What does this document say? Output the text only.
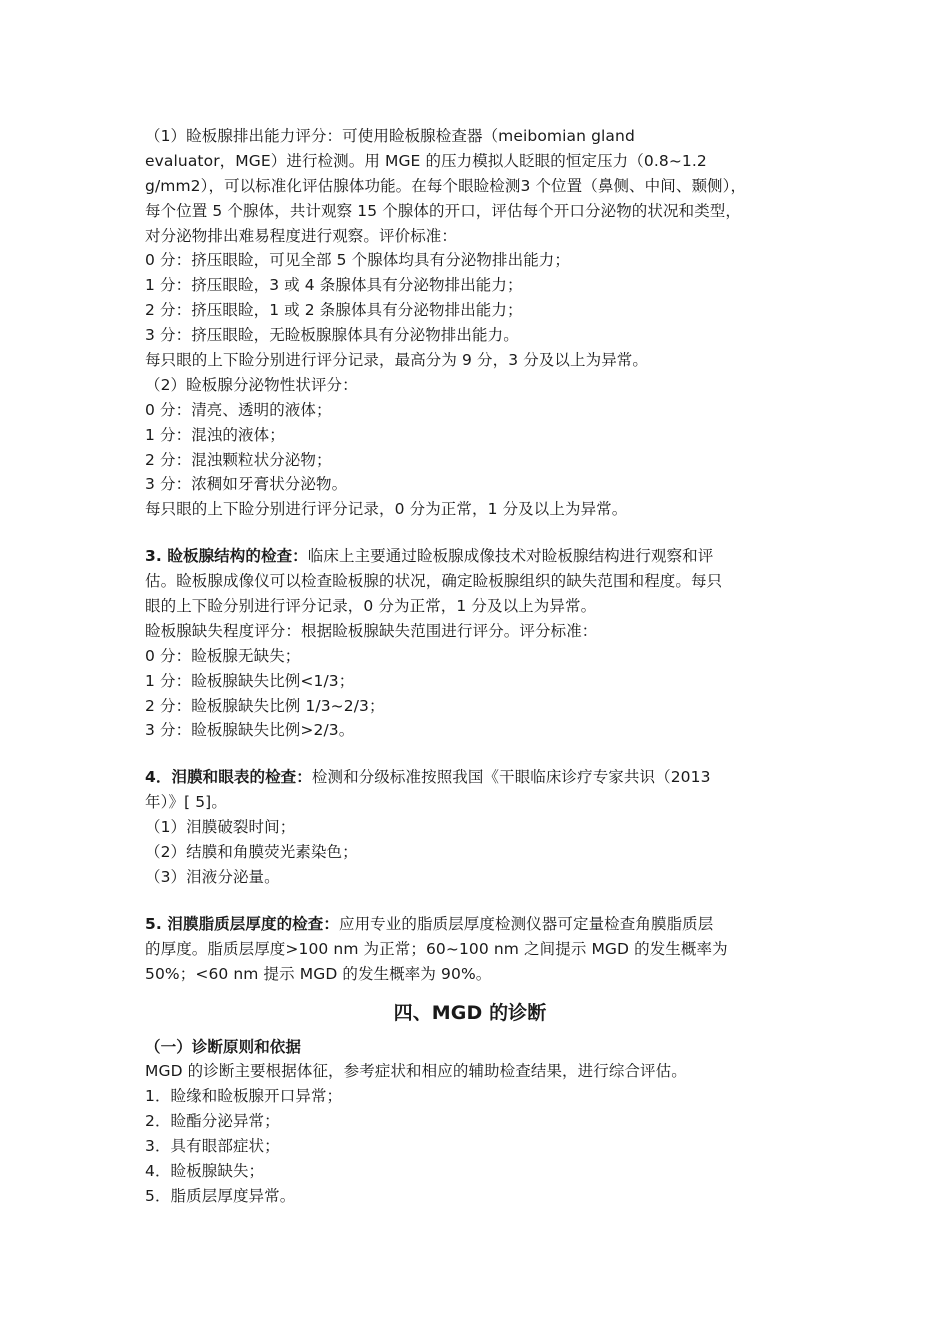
（1）睑板腺排出能力评分：可使用睑板腺检查器（meibomian gland
evaluator，MGE）进行检测。用 MGE 的压力模拟人眨眼的恒定压力（0.8~1.2
g/mm2），可以标准化评估腺体功能。在每个眼睑检测3 个位置（鼻侧、中间、颞侧），
每个位置 5 个腺体，共计观察 15 个腺体的开口，评估每个开口分泌物的状况和类型，
对分泌物排出难易程度进行观察。评价标准：
0 分：挤压眼睑，可见全部 5 个腺体均具有分泌物排出能力；
1 分：挤压眼睑，3 或 4 条腺体具有分泌物排出能力；
2 分：挤压眼睑，1 或 2 条腺体具有分泌物排出能力；
3 分：挤压眼睑，无睑板腺腺体具有分泌物排出能力。
每只眼的上下睑分别进行评分记录，最高分为 9 分，3 分及以上为异常。
（2）睑板腺分泌物性状评分：
0 分：清亮、透明的液体；
1 分：混浊的液体；
2 分：混浊颗粒状分泌物；
3 分：浓稠如牙膏状分泌物。
每只眼的上下睑分别进行评分记录，0 分为正常，1 分及以上为异常。
3. 睑板腺结构的检查：临床上主要通过睑板腺成像技术对睑板腺结构进行观察和评
估。睑板腺成像仪可以检查睑板腺的状况，确定睑板腺组织的缺失范围和程度。每只
眼的上下睑分别进行评分记录，0 分为正常，1 分及以上为异常。
睑板腺缺失程度评分：根据睑板腺缺失范围进行评分。评分标准：
0 分：睑板腺无缺失；
1 分：睑板腺缺失比例<1/3；
2 分：睑板腺缺失比例 1/3~2/3；
3 分：睑板腺缺失比例>2/3。
4．泪膜和眼表的检查：检测和分级标准按照我国《干眼临床诊疗专家共识（2013
年）》[ 5]。
（1）泪膜破裂时间；
（2）结膜和角膜荧光素染色；
（3）泪液分泌量。
5. 泪膜脂质层厚度的检查：应用专业的脂质层厚度检测仪器可定量检查角膜脂质层
的厚度。脂质层厚度>100 nm 为正常；60~100 nm 之间提示 MGD 的发生概率为
50%；<60 nm 提示 MGD 的发生概率为 90%。
四、MGD 的诊断
（一）诊断原则和依据
MGD 的诊断主要根据体征，参考症状和相应的辅助检查结果，进行综合评估。
1．睑缘和睑板腺开口异常；
2．睑酯分泌异常；
3．具有眼部症状；
4．睑板腺缺失；
5．脂质层厚度异常。
